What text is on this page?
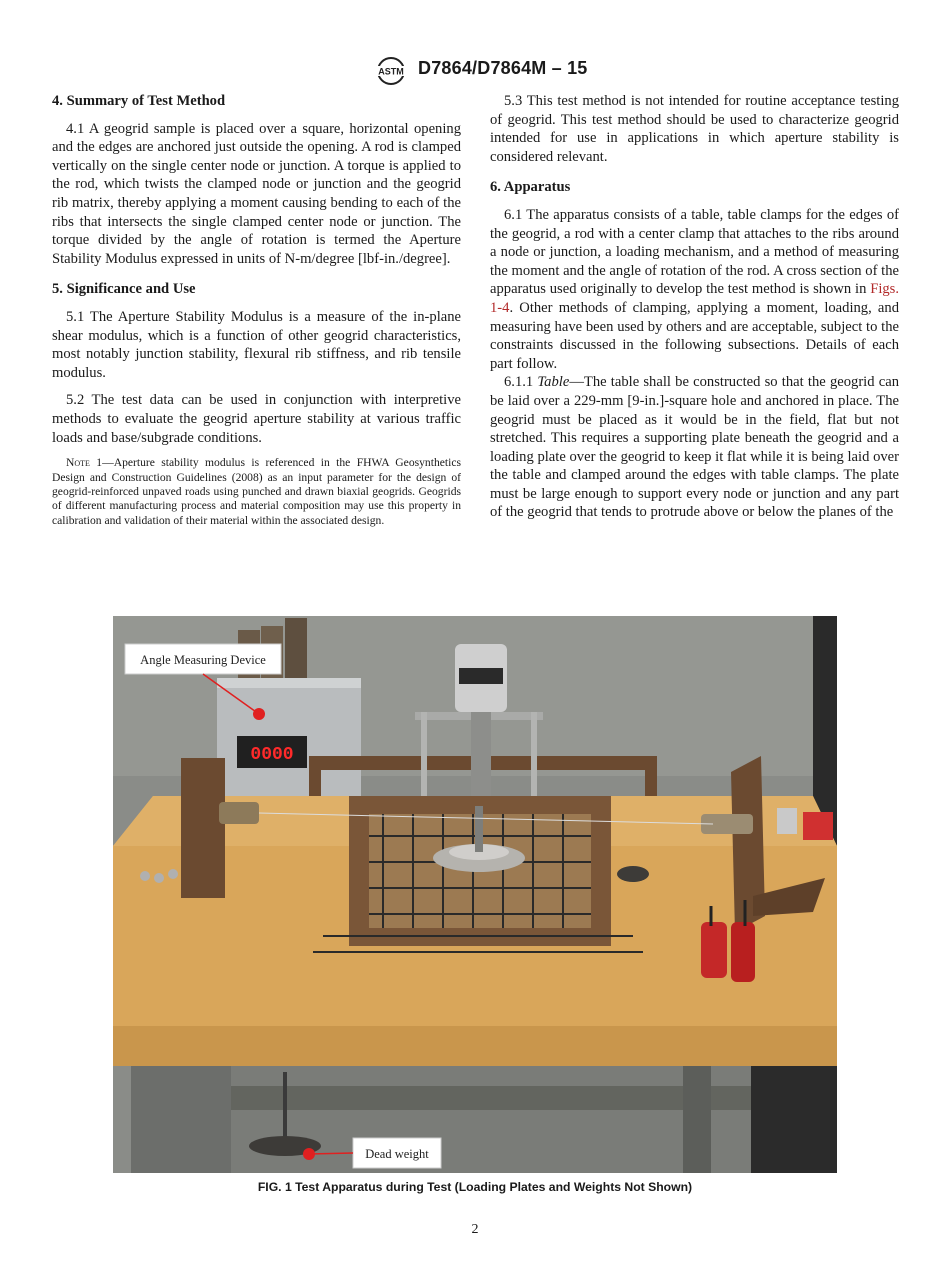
ASTM D7864/D7864M – 15
4. Summary of Test Method

4.1 A geogrid sample is placed over a square, horizontal opening and the edges are anchored just outside the opening. A rod is clamped vertically on the single center node or junction. A torque is applied to the rod, which twists the clamped node or junction and the geogrid rib matrix, thereby applying a moment causing bending to each of the ribs that intersects the single clamped center node or junction. The torque divided by the angle of rotation is termed the Aperture Stability Modulus expressed in units of N-m/degree [lbf-in./degree].

5. Significance and Use

5.1 The Aperture Stability Modulus is a measure of the in-plane shear modulus, which is a function of other geogrid characteristics, most notably junction stability, flexural rib stiffness, and rib tensile modulus.

5.2 The test data can be used in conjunction with interpretive methods to evaluate the geogrid aperture stability at various traffic loads and base/subgrade conditions.

Note 1—Aperture stability modulus is referenced in the FHWA Geosynthetics Design and Construction Guidelines (2008) as an input parameter for the design of geogrid-reinforced unpaved roads using punched and drawn biaxial geogrids. Geogrids of different manufacturing process and material composition may use this property in calibration and validation of their material within the associated design.

5.3 This test method is not intended for routine acceptance testing of geogrid. This test method should be used to characterize geogrid intended for use in applications in which aperture stability is considered relevant.

6. Apparatus

6.1 The apparatus consists of a table, table clamps for the edges of the geogrid, a rod with a center clamp that attaches to the ribs around a node or junction, a loading mechanism, and a method of measuring the moment and the angle of rotation of the rod. A cross section of the apparatus used originally to develop the test method is shown in Figs. 1-4. Other methods of clamping, applying a moment, loading, and measuring have been used by others and are acceptable, subject to the constraints discussed in the following subsections. Details of each part follow.

6.1.1 Table—The table shall be constructed so that the geogrid can be laid over a 229-mm [9-in.]-square hole and anchored in place. The geogrid must be placed as it would be in the field, flat but not stretched. This requires a supporting plate beneath the geogrid and a loading plate over the geogrid to keep it flat while it is being laid over the table and clamped around the edges with table clamps. The plate must be large enough to support every node or junction and any part of the geogrid that tends to protrude above or below the planes of the

0000
Angle Measuring Device
Dead weight
FIG. 1 Test Apparatus during Test (Loading Plates and Weights Not Shown)
2
